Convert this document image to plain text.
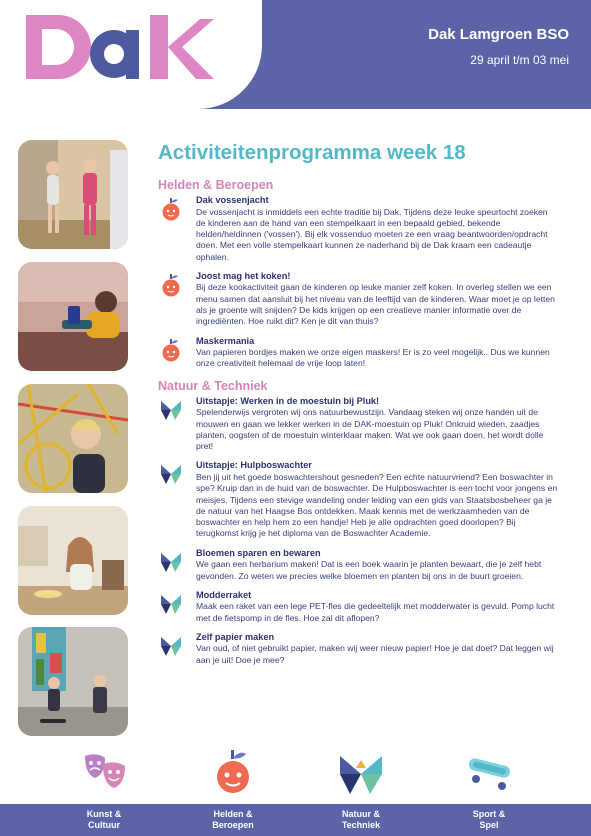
Dak Lamgroen BSO
29 april t/m 03 mei
Activiteitenprogramma week 18
Helden & Beroepen
Dak vossenjacht
De vossenjacht is inmiddels een echte traditie bij Dak. Tijdens deze leuke speurtocht zoeken de kinderen aan de hand van een stempelkaart in een bepaald gebied, bekende helden/heldinnen ('vossen'). Bij elk vossenduo moeten ze een vraag beantwoorden/opdracht doen. Met een volle stempelkaart kunnen ze naderhand bij de Dak kraam een cadeautje ophalen.
Joost mag het koken!
Bij deze kookactiviteit gaan de kinderen op leuke manier zelf koken. In overleg stellen we een menu samen dat aansluit bij het niveau van de leeftijd van de kinderen. Waar moet je op letten als je groente wilt snijden? De kids krijgen op een creatieve manier informatie over de ingrediënten. Hoe ruikt dit? Ken je dit van thuis?
Maskermania
Van papieren bordjes maken we onze eigen maskers! Er is zo veel mogelijk.. Dus we kunnen onze creativiteit helemaal de vrije loop laten!
Natuur & Techniek
Uitstapje: Werken in de moestuin bij Pluk!
Spelenderwijs vergroten wij ons natuurbewustzijn. Vandaag steken wij onze handen uit de mouwen en gaan we lekker werken in de DAK-moestuin op Pluk! Onkruid wieden, zaadjes planten, oogsten of de moestuin winterklaar maken. Wat we ook gaan doen, het wordt dolle pret!
Uitstapje: Hulpboswachter
Ben jij uit het goede boswachtershout gesneden? Een echte natuurvriend? Een boswachter in spe? Kruip dan in de huid van de boswachter. De Hulpboswachter is een tocht voor jongens en meisjes. Tijdens een stevige wandeling onder leiding van een gids van Staatsbosbeheer ga je de natuur van het Haagse Bos ontdekken. Maak kennis met de werkzaamheden van de boswachter en help hem zo een handje! Heb je alle opdrachten goed doorlopen? Bij terugkomst krijg je het diploma van de Boswachter Academie.
Bloemen sparen en bewaren
We gaan een herbarium maken! Dat is een boek waarin je planten bewaart, die je zelf hebt gevonden. Zo weten we precies welke bloemen en planten bij ons in de buurt groeien.
Modderraket
Maak een raket van een lege PET-fles die gedeeltelijk met modderwater is gevuld. Pomp lucht met de fietspomp in de fles. Hoe zal dit aflopen?
Zelf papier maken
Van oud, of niet gebruikt papier, maken wij weer nieuw papier! Hoe je dat doet? Dat leggen wij aan je uit! Doe je mee?
Kunst &
Cultuur
Helden &
Beroepen
Natuur &
Techniek
Sport &
Spel
